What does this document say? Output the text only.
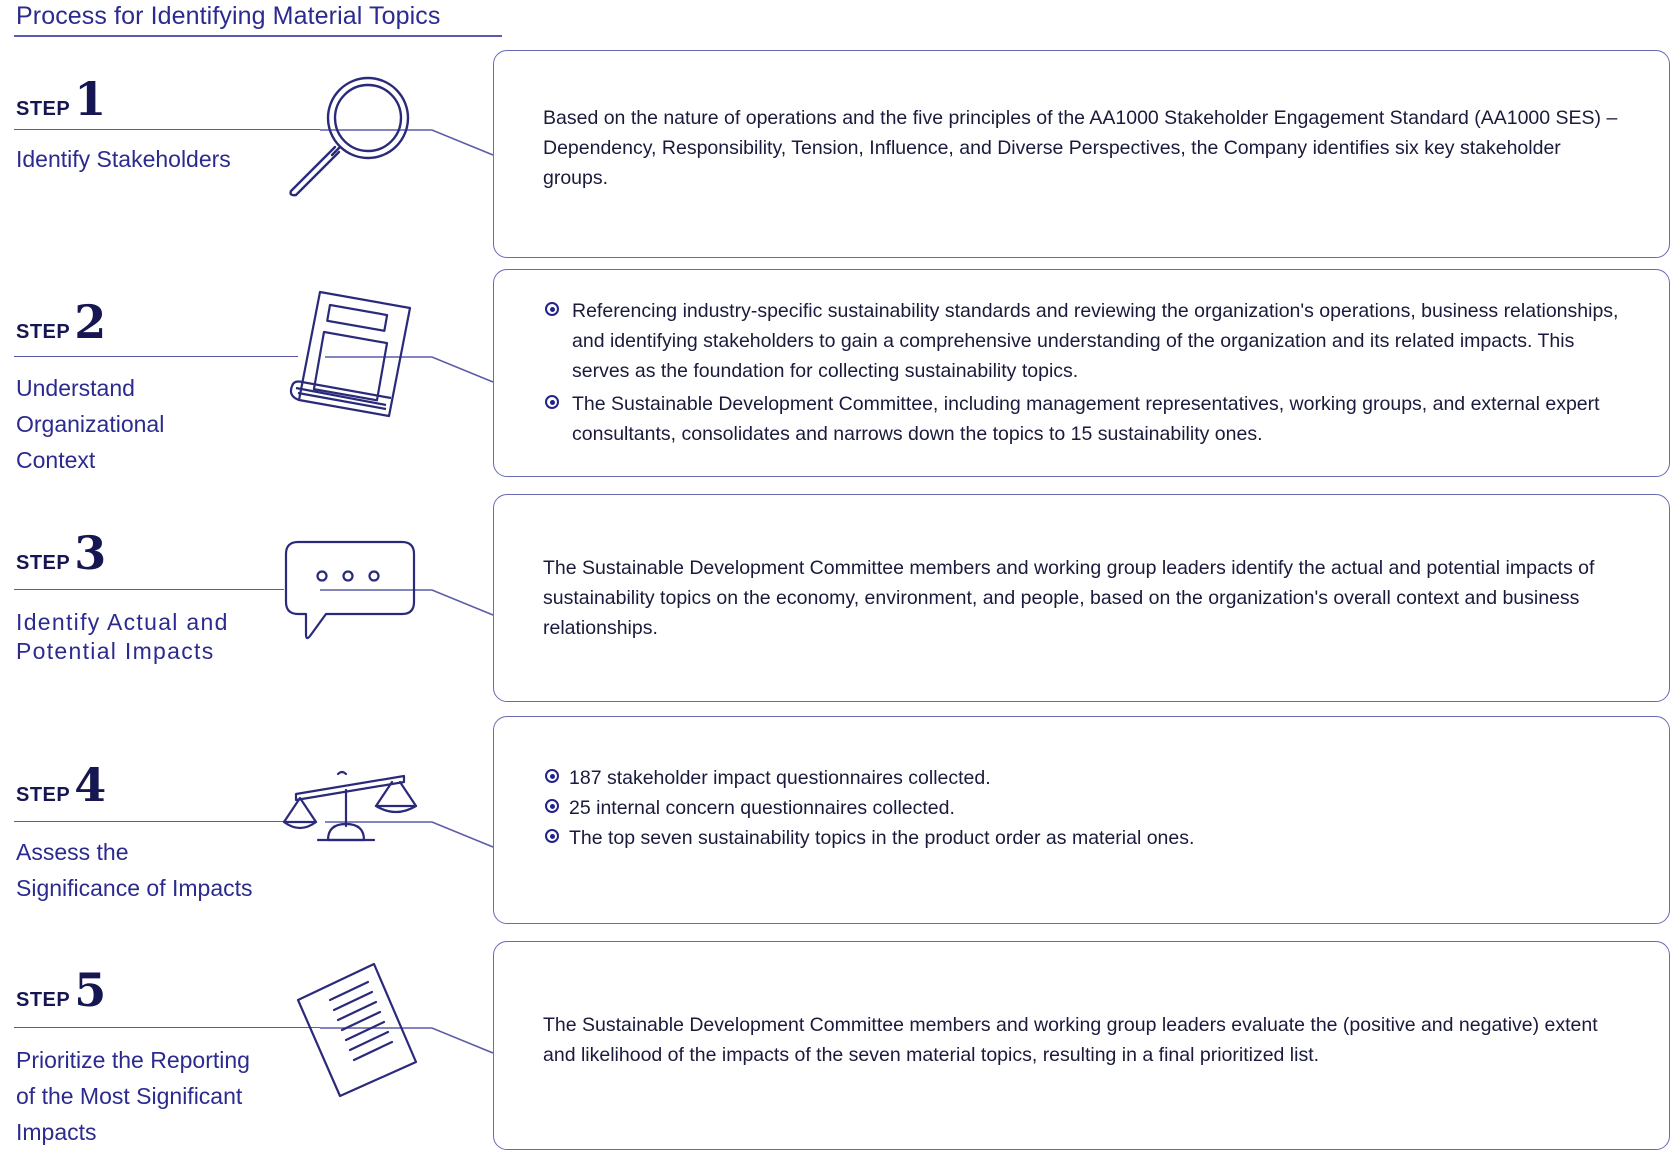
Process for Identifying Material Topics
STEP1
Identify Stakeholders

Based on the nature of operations and the five principles of the AA1000 Stakeholder Engagement Standard (AA1000 SES) – Dependency, Responsibility, Tension, Influence, and Diverse Perspectives, the Company identifies six key stakeholder groups.

STEP2
Understand
Organizational
Context
Referencing industry-specific sustainability standards and reviewing the organization's operations, business relationships, and identifying stakeholders to gain a comprehensive understanding of the organization and its related impacts. This serves as the foundation for collecting sustainability topics.
The Sustainable Development Committee, including management representatives, working groups, and external expert consultants, consolidates and narrows down the topics to 15 sustainability ones.
STEP3
Identify Actual and
Potential Impacts

The Sustainable Development Committee members and working group leaders identify the actual and potential impacts of sustainability topics on the economy, environment, and people, based on the organization's overall context and business relationships.

STEP4
Assess the
Significance of Impacts
187 stakeholder impact questionnaires collected.
25 internal concern questionnaires collected.
The top seven sustainability topics in the product order as material ones.
STEP5
Prioritize the Reporting
of the Most Significant
Impacts

The Sustainable Development Committee members and working group leaders evaluate the (positive and negative) extent and likelihood of the impacts of the seven material topics, resulting in a final prioritized list.
